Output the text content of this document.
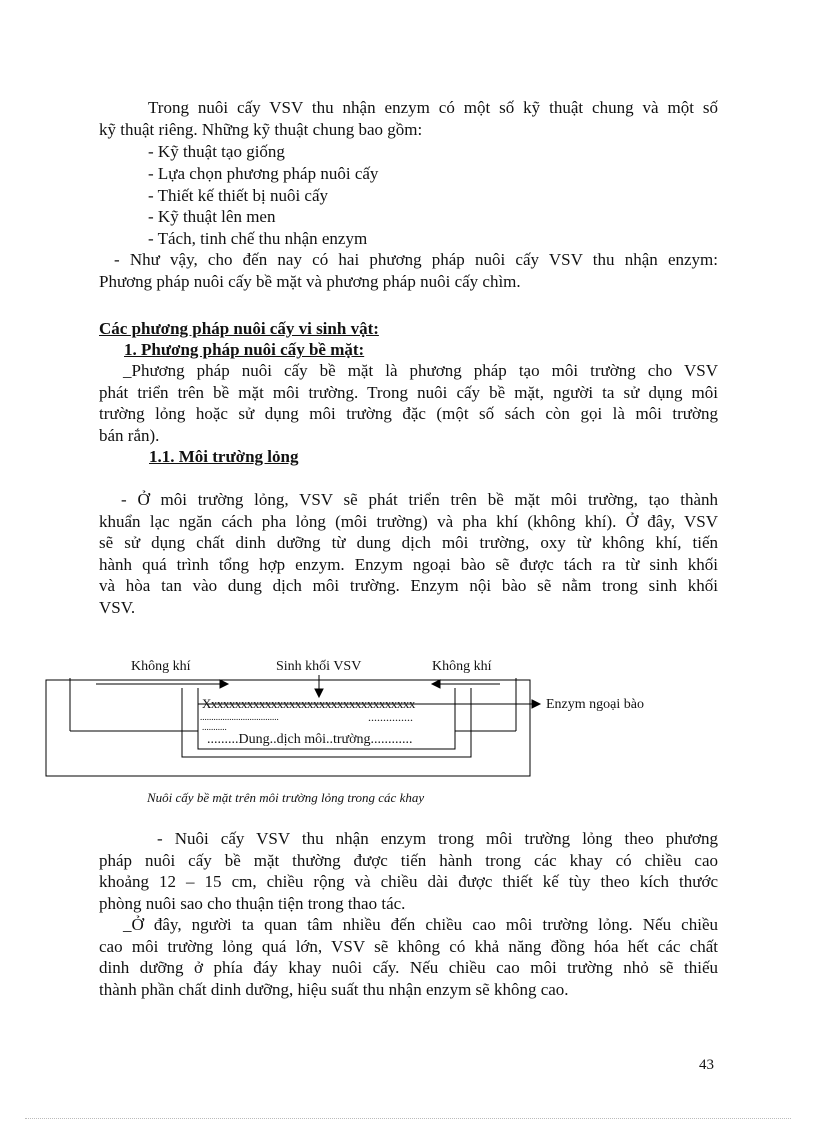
Trong nuôi cấy VSV thu nhận enzym có một số kỹ thuật chung và một số
kỹ thuật riêng. Những kỹ thuật chung bao gồm:
- Kỹ thuật tạo giống
- Lựa chọn phương pháp nuôi cấy
- Thiết kế thiết bị nuôi cấy
- Kỹ thuật lên men
- Tách, tinh chế thu nhận enzym
- Như vậy, cho đến nay có hai phương pháp nuôi cấy VSV thu nhận enzym:
Phương pháp nuôi cấy bề mặt và phương pháp nuôi cấy chìm.
Các phương pháp nuôi cấy vi sinh vật:
1. Phương pháp nuôi cấy bề mặt:
_Phương pháp nuôi cấy bề mặt là phương pháp tạo môi trường cho VSV
phát triển trên bề mặt môi trường. Trong nuôi cấy bề mặt, người ta sử dụng môi
trường lỏng hoặc sử dụng môi trường đặc (một số sách còn gọi là môi trường
bán rắn).
1.1. Môi trường lỏng
- Ở môi trường lỏng, VSV sẽ phát triển trên bề mặt môi trường, tạo thành
khuẩn lạc ngăn cách pha lỏng (môi trường) và pha khí (không khí). Ở đây, VSV
sẽ sử dụng chất dinh dưỡng từ dung dịch môi trường, oxy từ không khí, tiến
hành quá trình tổng hợp enzym. Enzym ngoại bào sẽ được tách ra từ sinh khối
và hòa tan vào dung dịch môi trường. Enzym nội bào sẽ nằm trong sinh khối
VSV.
Không khí	Sinh khối VSV	Không khí
Enzym ngoại bào
Xxxxxxxxxxxxxxxxxxxxxxxxxxxxxxxxxxx
...................................	...............
...........
.........Dung..dịch môi..trường............
Nuôi cấy bề mặt trên môi trường lỏng trong các khay
- Nuôi cấy VSV thu nhận enzym trong môi trường lỏng theo phương
pháp nuôi cấy bề mặt thường được tiến hành trong các khay có chiều cao
khoảng 12 – 15 cm, chiều rộng và chiều dài được thiết kế tùy theo kích thước
phòng nuôi sao cho thuận tiện trong thao tác.
_Ở đây, người ta quan tâm nhiều đến chiều cao môi trường lỏng. Nếu chiều
cao môi trường lỏng quá lớn, VSV sẽ không có khả năng đồng hóa hết các chất
dinh dưỡng ở phía đáy khay nuôi cấy. Nếu chiều cao môi trường nhỏ sẽ thiếu
thành phần chất dinh dưỡng, hiệu suất thu nhận enzym sẽ không cao.
43
